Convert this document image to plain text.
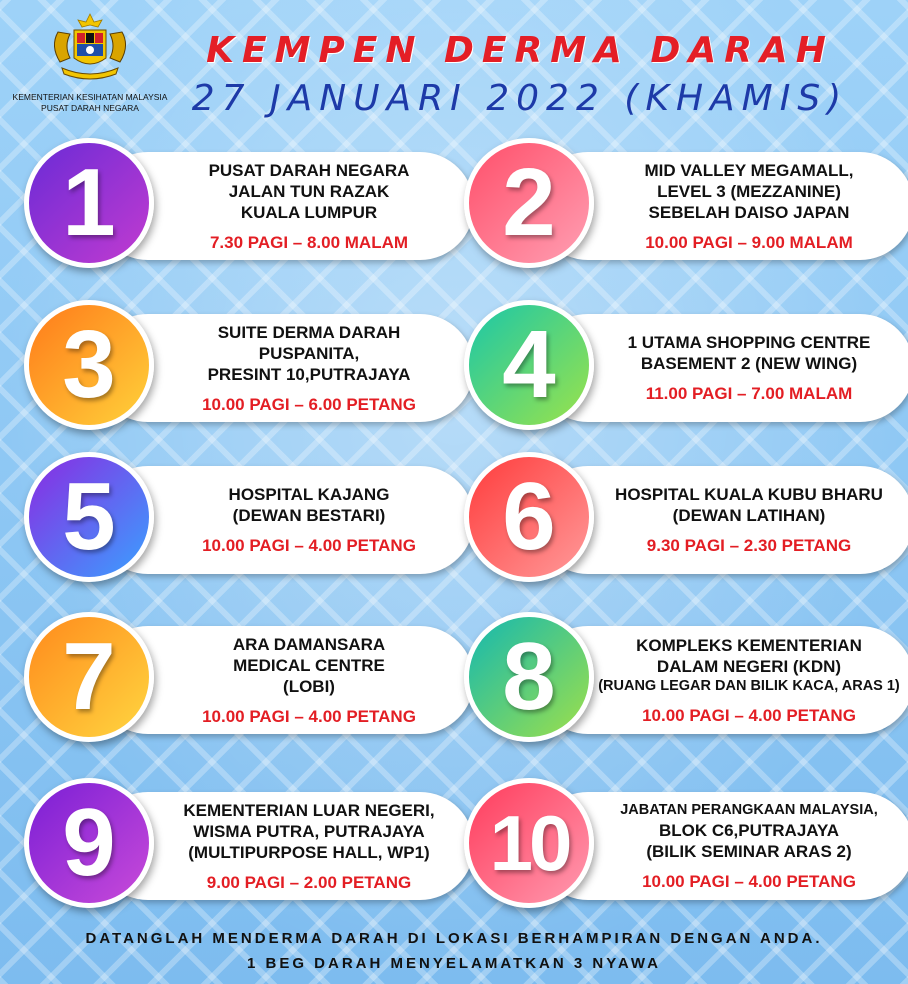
KEMENTERIAN KESIHATAN MALAYSIA
PUSAT DARAH NEGARA
KEMPEN DERMA DARAH
27 JANUARI 2022 (KHAMIS)
1	PUSAT DARAH NEGARA
JALAN TUN RAZAK
KUALA LUMPUR
7.30 PAGI – 8.00 MALAM 2	MID VALLEY MEGAMALL,
LEVEL 3 (MEZZANINE)
SEBELAH DAISO JAPAN
10.00 PAGI – 9.00 MALAM
3	SUITE DERMA DARAH
PUSPANITA,
PRESINT 10,PUTRAJAYA
10.00 PAGI – 6.00 PETANG 4	1 UTAMA SHOPPING CENTRE
BASEMENT 2 (NEW WING)
11.00 PAGI – 7.00 MALAM
5	HOSPITAL KAJANG
(DEWAN BESTARI)
10.00 PAGI – 4.00 PETANG 6	HOSPITAL KUALA KUBU BHARU
(DEWAN LATIHAN)
9.30 PAGI – 2.30 PETANG
7	ARA DAMANSARA
MEDICAL CENTRE
(LOBI)
10.00 PAGI – 4.00 PETANG 8	KOMPLEKS KEMENTERIAN
DALAM NEGERI (KDN)
(RUANG LEGAR DAN BILIK KACA, ARAS 1)
10.00 PAGI – 4.00 PETANG
9	KEMENTERIAN LUAR NEGERI,
WISMA PUTRA, PUTRAJAYA
(MULTIPURPOSE HALL, WP1)
9.00 PAGI – 2.00 PETANG 10	JABATAN PERANGKAAN MALAYSIA,
BLOK C6,PUTRAJAYA
(BILIK SEMINAR ARAS 2)
10.00 PAGI – 4.00 PETANG
DATANGLAH MENDERMA DARAH DI LOKASI BERHAMPIRAN DENGAN ANDA.
1 BEG DARAH MENYELAMATKAN 3 NYAWA
